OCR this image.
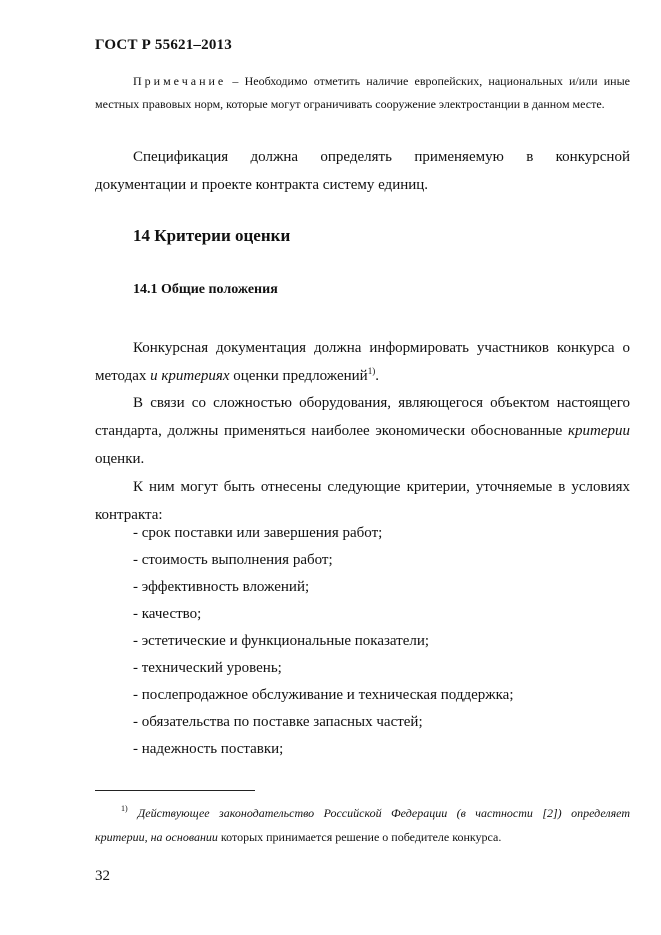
ГОСТ Р 55621–2013
Примечание – Необходимо отметить наличие европейских, национальных и/или иные местных правовых норм, которые могут ограничивать сооружение электростанции в данном месте.
Спецификация должна определять применяемую в конкурсной документации и проекте контракта систему единиц.
14 Критерии оценки
14.1 Общие положения
Конкурсная документация должна информировать участников конкурса о методах и критериях оценки предложений$^{1)}$.
В связи со сложностью оборудования, являющегося объектом настоящего стандарта, должны применяться наиболее экономически обоснованные критерии оценки.
К ним могут быть отнесены следующие критерии, уточняемые в условиях контракта:
- срок поставки или завершения работ;
- стоимость выполнения работ;
- эффективность вложений;
- качество;
- эстетические и функциональные показатели;
- технический уровень;
- послепродажное обслуживание и техническая поддержка;
- обязательства по поставке запасных частей;
- надежность поставки;
$^{1)}$ Действующее законодательство Российской Федерации (в частности [2]) определяет критерии, на основании которых принимается решение о победителе конкурса.
32
